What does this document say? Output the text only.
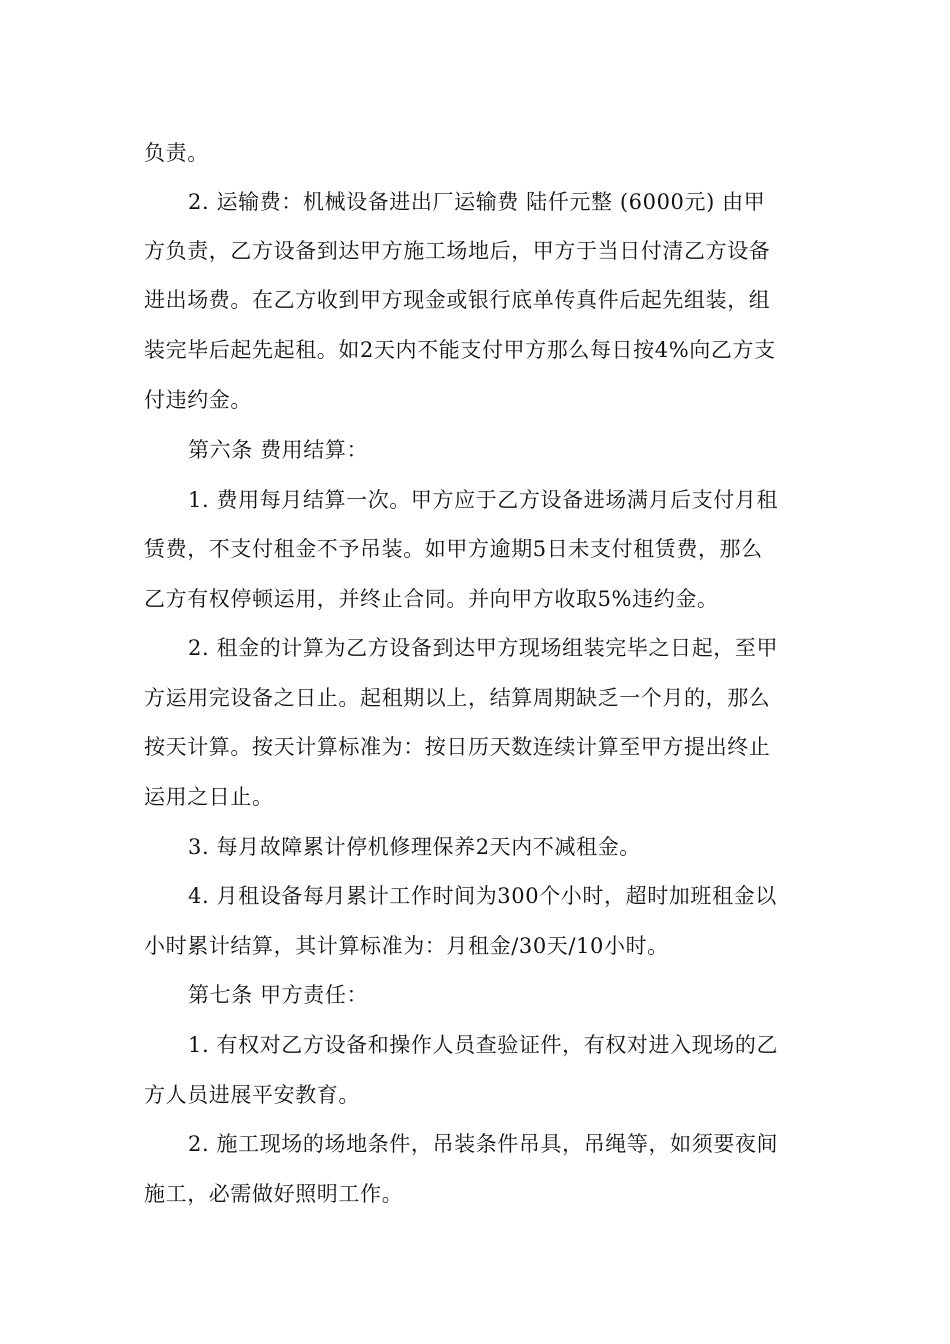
负责。
2. 运输费：机械设备进出厂运输费 陆仟元整 (6000元) 由甲
方负责，乙方设备到达甲方施工场地后，甲方于当日付清乙方设备
进出场费。在乙方收到甲方现金或银行底单传真件后起先组装，组
装完毕后起先起租。如2天内不能支付甲方那么每日按4%向乙方支
付违约金。
第六条 费用结算：
1. 费用每月结算一次。甲方应于乙方设备进场满月后支付月租
赁费，不支付租金不予吊装。如甲方逾期5日未支付租赁费，那么
乙方有权停顿运用，并终止合同。并向甲方收取5%违约金。
2. 租金的计算为乙方设备到达甲方现场组装完毕之日起，至甲
方运用完设备之日止。起租期以上，结算周期缺乏一个月的，那么
按天计算。按天计算标准为：按日历天数连续计算至甲方提出终止
运用之日止。
3. 每月故障累计停机修理保养2天内不减租金。
4. 月租设备每月累计工作时间为300个小时，超时加班租金以
小时累计结算，其计算标准为：月租金/30天/10小时。
第七条 甲方责任：
1. 有权对乙方设备和操作人员查验证件，有权对进入现场的乙
方人员进展平安教育。
2. 施工现场的场地条件，吊装条件吊具，吊绳等，如须要夜间
施工，必需做好照明工作。
